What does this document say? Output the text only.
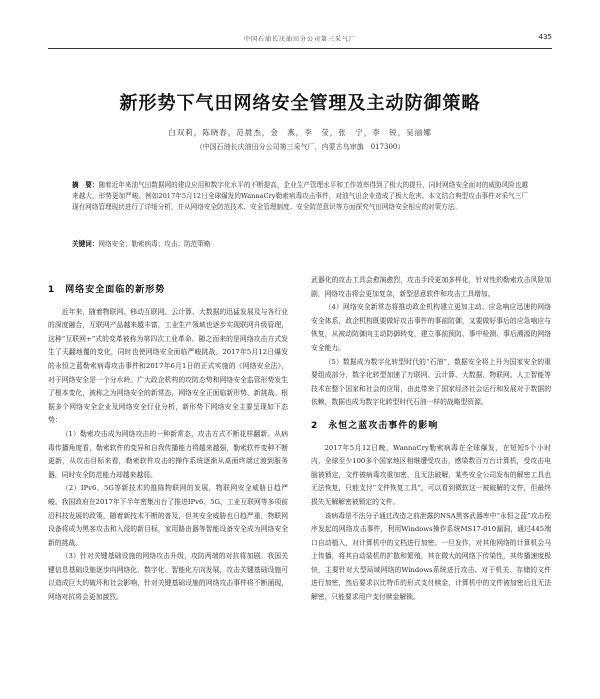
中国石油长庆油田分公司第三采气厂	435
新形势下气田网络安全管理及主动防御策略
白双莉，陈晓春，范晨杰，金　燕，李　莹，张　宁，李　锐，吴丽娜
（中国石油长庆油田分公司第三采气厂，内蒙古乌审旗　017300）
摘　要：随着近年来油气田数据网的建设应用和数字化水平的不断提高，企业生产管理水平和工作效率得到了极大的提升，同时网络安全面对的威胁风险也越来越大，形势更加严峻。例如2017年5月12日全球爆发的WannaCry勒索病毒攻击事件，对油气田企业造成了极大危害。本文结合典型攻击事件对采气三厂现有网络管理现状进行了详细分析，并从网络安全防范技术、安全管理制度、安全防范意识等方面探究气田网络安全相应的对策方法。
关键词：网络安全；勒索病毒；攻击；防范策略
1 网络安全面临的新形势

近年来，随着物联网、移动互联网、云计算、大数据的迅猛发展及与各行业的深度融合，互联网产品越来越丰富，工业生产领域也逐步实现联网升级管理，这种“互联网+”式的变革被称为第四次工业革命。随之而来的是网络攻击方式发生了天翻地覆的变化，同时也使网络安全面临严峻挑战。2017年5月12日爆发的永恒之蓝勒索病毒攻击事件和2017年6月1日的正式实施的《网络安全法》，对于网络安全是一个分水岭。广大政企机构的攻防态势和网络安全监管形势发生了根本变化，被称之为网络安全的新常态，网络安全正面临新形势、新挑战。根据多个网络安全企业及网络安全行业分析，新形势下网络安全主要呈现如下态势：

（1）勒索攻击成为网络攻击的一种新常态，攻击方式不断花样翻新。从病毒传播角度看，勒索软件的变异和自我传播能力将越来越强，勒索软件变种不断更新，从攻击目标来看，勒索软件攻击的操作系统逐渐从桌面终端过渡到服务器，同时安全防范能力却越来越弱。

（2）IPv6、5G等新技术的推陈物联网的发展，物联网安全威胁日趋严峻。我国政府在2017年下半年密集出台了推进IPv6、5G、工业互联网等多项前沿科技发展的政策，随着新技术不断的普及，但其安全威胁也日趋严重，物联网设备将成为黑客攻击和入侵的新目标，家用路由器等智能设备安全成为网络安全新的挑战。

（3）针对关键基础设施的网络攻击升级，攻防两端的对抗将加剧。我国关键信息基础设施逐步向网络化、数字化、智能化方向发展，攻击关键基础设施可以造成巨大的破坏和社会影响，针对关键基础设施的网络攻击事件将不断涌现，网络对抗将会更加激烈。

武器化的攻击工具会愈演愈烈，攻击手段更加多样化，针对性的勒索攻击风险加剧，网络攻击将会更加复杂，新型恶意软件和攻击工具增加。

（4）网络安全新常态将推动政企机构建立更加主动、应急响应迅速的网络安全体系，政企机构既要做好攻击事件的事前防御，又要做好事后的应急响应与恢复，从被动防御向主动防御转变，建立事前预防、事中检测、事后溯源的网络安全能力。

（5）数据成为数字化转型时代的“石油”，数据安全将上升为国家安全的重要组成部分，数字化转型加速了万联网、云计算、大数据、物联网、人工智能等技术在整个国家和社会的应用，由此带来了国家经济社会运行和发展对于数据的依赖，数据也成为数字化转型时代石油一样的战略型资源。

2 永恒之蓝攻击事件的影响

2017年5月12日晚，WannaCry勒索病毒在全球爆发，在短短5个小时内，全球至少100多个国家地区相继遭受攻击，感染数百万台计算机，受攻击电脑被锁定，文件被病毒攻重加密，且无法破解，某些安全公司发布的解密工具也无法恢复，只能支付“文件恢复工具”，可以看到微软这一被破解的文件，但最终损失无解解密被锁定的文件。

该病毒是不法分子通过改造之前泄露的NSA黑客武器库中“永恒之蓝”攻击程序发起的网络攻击事件，利用Windows操作系统MS17-010漏洞，通过445端口自动植入，对计算机中的文档进行加密。一旦发作，对其他网络的计算机会马上传播，将其自动装机的扩散和繁殖，其在微大的网络下传染性，其传播速度极快，主要针对大型局域网络的Windows系统进行攻击。对于机关、存储的文件进行加密，然后要求以比特币的形式支付赎金，计算机中的文件被加密后且无法解密，只能要求用户支付赎金解锁。
